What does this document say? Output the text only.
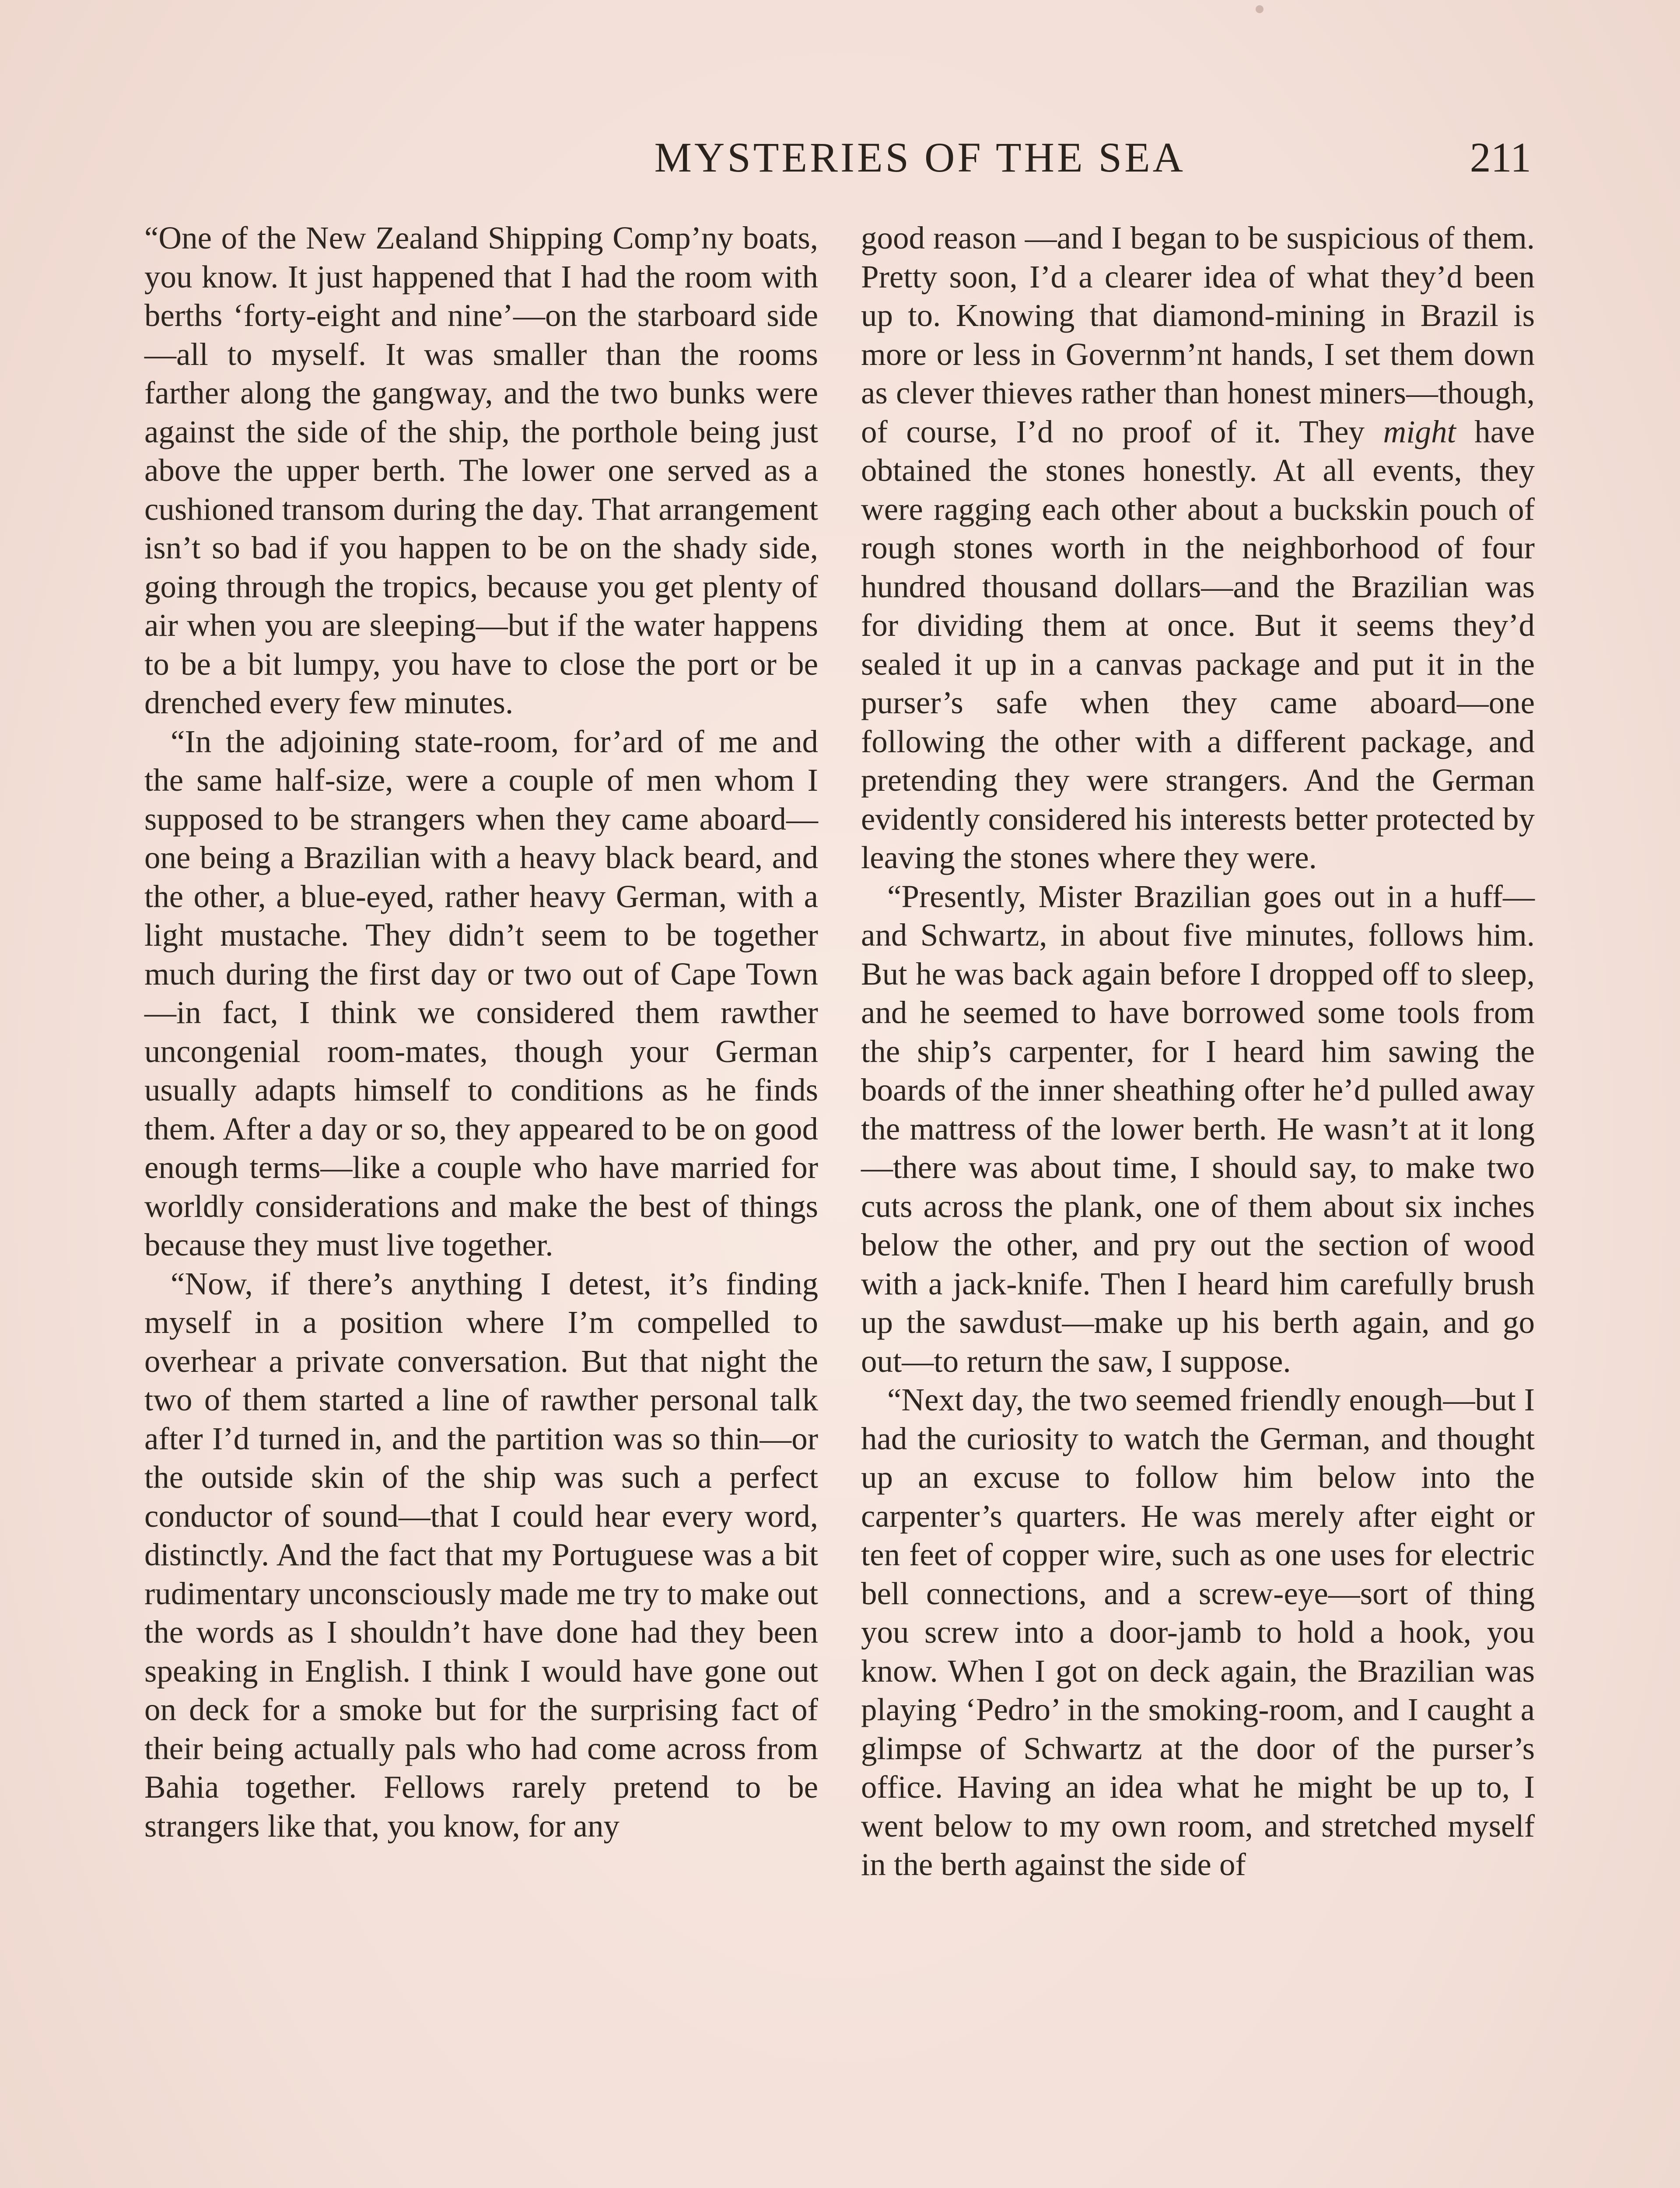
MYSTERIES OF THE SEA	211

“One of the New Zealand Shipping Comp’ny boats, you know. It just happened that I had the room with berths ‘forty-eight and nine’—on the starboard side—all to myself. It was smaller than the rooms farther along the gangway, and the two bunks were against the side of the ship, the porthole being just above the upper berth. The lower one served as a cushioned transom during the day. That arrangement isn’t so bad if you happen to be on the shady side, going through the tropics, because you get plenty of air when you are sleeping—but if the water happens to be a bit lumpy, you have to close the port or be drenched every few minutes.

“In the adjoining state-room, for’ard of me and the same half-size, were a couple of men whom I supposed to be strangers when they came aboard—one being a Brazilian with a heavy black beard, and the other, a blue-eyed, rather heavy German, with a light mustache. They didn’t seem to be together much during the first day or two out of Cape Town—in fact, I think we considered them rawther uncongenial room-mates, though your German usually adapts himself to conditions as he finds them. After a day or so, they appeared to be on good enough terms—like a couple who have married for worldly considerations and make the best of things because they must live together.

“Now, if there’s anything I detest, it’s finding myself in a position where I’m compelled to overhear a private conversation. But that night the two of them started a line of rawther personal talk after I’d turned in, and the partition was so thin—or the outside skin of the ship was such a perfect conductor of sound—that I could hear every word, distinctly. And the fact that my Portuguese was a bit rudimentary unconsciously made me try to make out the words as I shouldn’t have done had they been speaking in English. I think I would have gone out on deck for a smoke but for the surprising fact of their being actually pals who had come across from Bahia together. Fellows rarely pretend to be strangers like that, you know, for any

good reason —and I began to be suspicious of them. Pretty soon, I’d a clearer idea of what they’d been up to. Knowing that diamond-mining in Brazil is more or less in Governm’nt hands, I set them down as clever thieves rather than honest miners—though, of course, I’d no proof of it. They might have obtained the stones honestly. At all events, they were ragging each other about a buckskin pouch of rough stones worth in the neighborhood of four hundred thousand dollars—and the Brazilian was for dividing them at once. But it seems they’d sealed it up in a canvas package and put it in the purser’s safe when they came aboard—one following the other with a different package, and pretending they were strangers. And the German evidently considered his interests better protected by leaving the stones where they were.

“Presently, Mister Brazilian goes out in a huff—and Schwartz, in about five minutes, follows him. But he was back again before I dropped off to sleep, and he seemed to have borrowed some tools from the ship’s carpenter, for I heard him sawing the boards of the inner sheathing ofter he’d pulled away the mattress of the lower berth. He wasn’t at it long—there was about time, I should say, to make two cuts across the plank, one of them about six inches below the other, and pry out the section of wood with a jack-knife. Then I heard him carefully brush up the sawdust—make up his berth again, and go out—to return the saw, I suppose.

“Next day, the two seemed friendly enough—but I had the curiosity to watch the German, and thought up an excuse to follow him below into the carpenter’s quarters. He was merely after eight or ten feet of copper wire, such as one uses for electric bell connections, and a screw-eye—sort of thing you screw into a door-jamb to hold a hook, you know. When I got on deck again, the Brazilian was playing ‘Pedro’ in the smoking-room, and I caught a glimpse of Schwartz at the door of the purser’s office. Having an idea what he might be up to, I went below to my own room, and stretched myself in the berth against the side of
